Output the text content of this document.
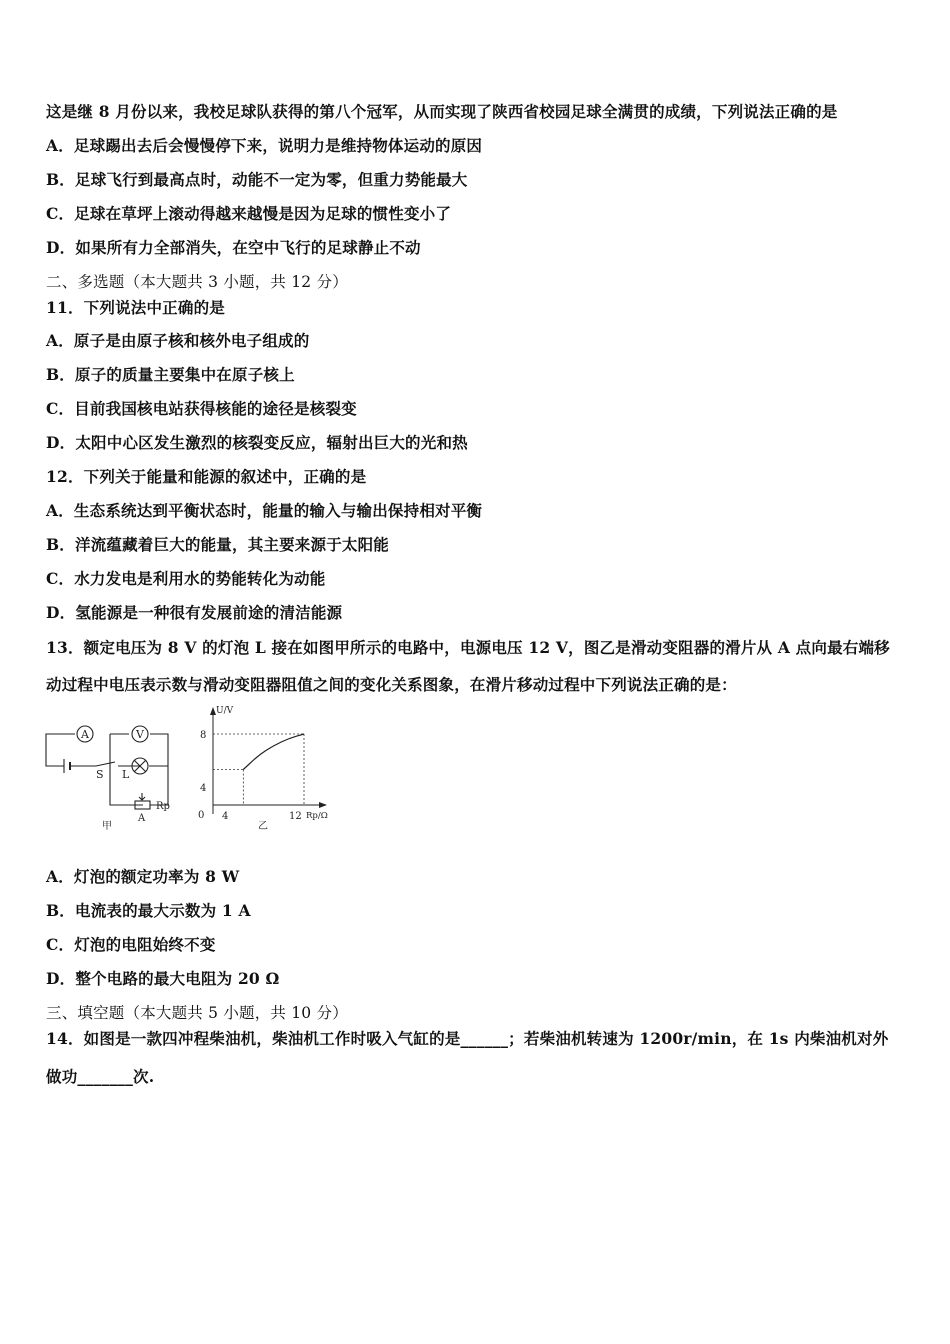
这是继 8 月份以来，我校足球队获得的第八个冠军，从而实现了陕西省校园足球全满贯的成绩，下列说法正确的是
A．足球踢出去后会慢慢停下来，说明力是维持物体运动的原因
B．足球飞行到最高点时，动能不一定为零，但重力势能最大
C．足球在草坪上滚动得越来越慢是因为足球的惯性变小了
D．如果所有力全部消失，在空中飞行的足球静止不动
二、多选题（本大题共 3 小题，共 12 分）
11．下列说法中正确的是
A．原子是由原子核和核外电子组成的
B．原子的质量主要集中在原子核上
C．目前我国核电站获得核能的途径是核裂变
D．太阳中心区发生激烈的核裂变反应，辐射出巨大的光和热
12．下列关于能量和能源的叙述中，正确的是
A．生态系统达到平衡状态时，能量的输入与输出保持相对平衡
B．洋流蕴藏着巨大的能量，其主要来源于太阳能
C．水力发电是利用水的势能转化为动能
D．氢能源是一种很有发展前途的清洁能源
13．额定电压为 8 V 的灯泡 L 接在如图甲所示的电路中，电源电压 12 V，图乙是滑动变阻器的滑片从 A 点向最右端移
动过程中电压表示数与滑动变阻器阻值之间的变化关系图象，在滑片移动过程中下列说法正确的是：
A．灯泡的额定功率为 8 W
B．电流表的最大示数为 1 A
C．灯泡的电阻始终不变
D．整个电路的最大电阻为 20 Ω
三、填空题（本大题共 5 小题，共 10 分）
14．如图是一款四冲程柴油机，柴油机工作时吸入气缸的是______；若柴油机转速为 1200r/min，在 1s 内柴油机对外
做功_______次.
A	V
S L
Rp
A
甲
U/V
Rp/Ω
0
8
4
4	12
乙
